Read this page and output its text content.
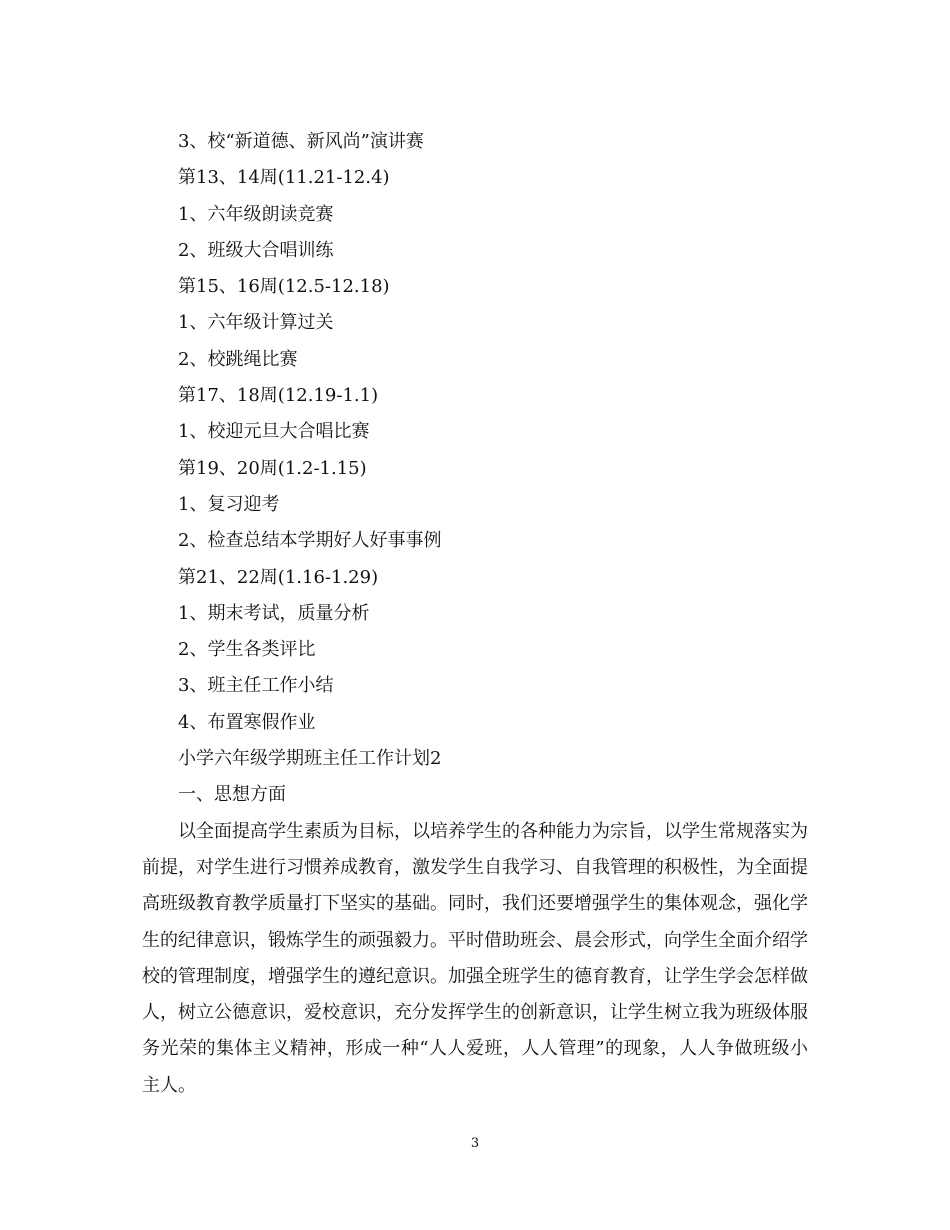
3、校“新道德、新风尚”演讲赛
第13、14周(11.21-12.4)
1、六年级朗读竞赛
2、班级大合唱训练
第15、16周(12.5-12.18)
1、六年级计算过关
2、校跳绳比赛
第17、18周(12.19-1.1)
1、校迎元旦大合唱比赛
第19、20周(1.2-1.15)
1、复习迎考
2、检查总结本学期好人好事事例
第21、22周(1.16-1.29)
1、期末考试，质量分析
2、学生各类评比
3、班主任工作小结
4、布置寒假作业
小学六年级学期班主任工作计划2
一、思想方面

以全面提高学生素质为目标，以培养学生的各种能力为宗旨，以学生常规落实为前提，对学生进行习惯养成教育，激发学生自我学习、自我管理的积极性，为全面提高班级教育教学质量打下坚实的基础。同时，我们还要增强学生的集体观念，强化学生的纪律意识，锻炼学生的顽强毅力。平时借助班会、晨会形式，向学生全面介绍学校的管理制度，增强学生的遵纪意识。加强全班学生的德育教育，让学生学会怎样做人，树立公德意识，爱校意识，充分发挥学生的创新意识，让学生树立我为班级体服务光荣的集体主义精神，形成一种“人人爱班，人人管理”的现象，人人争做班级小主人。

3
